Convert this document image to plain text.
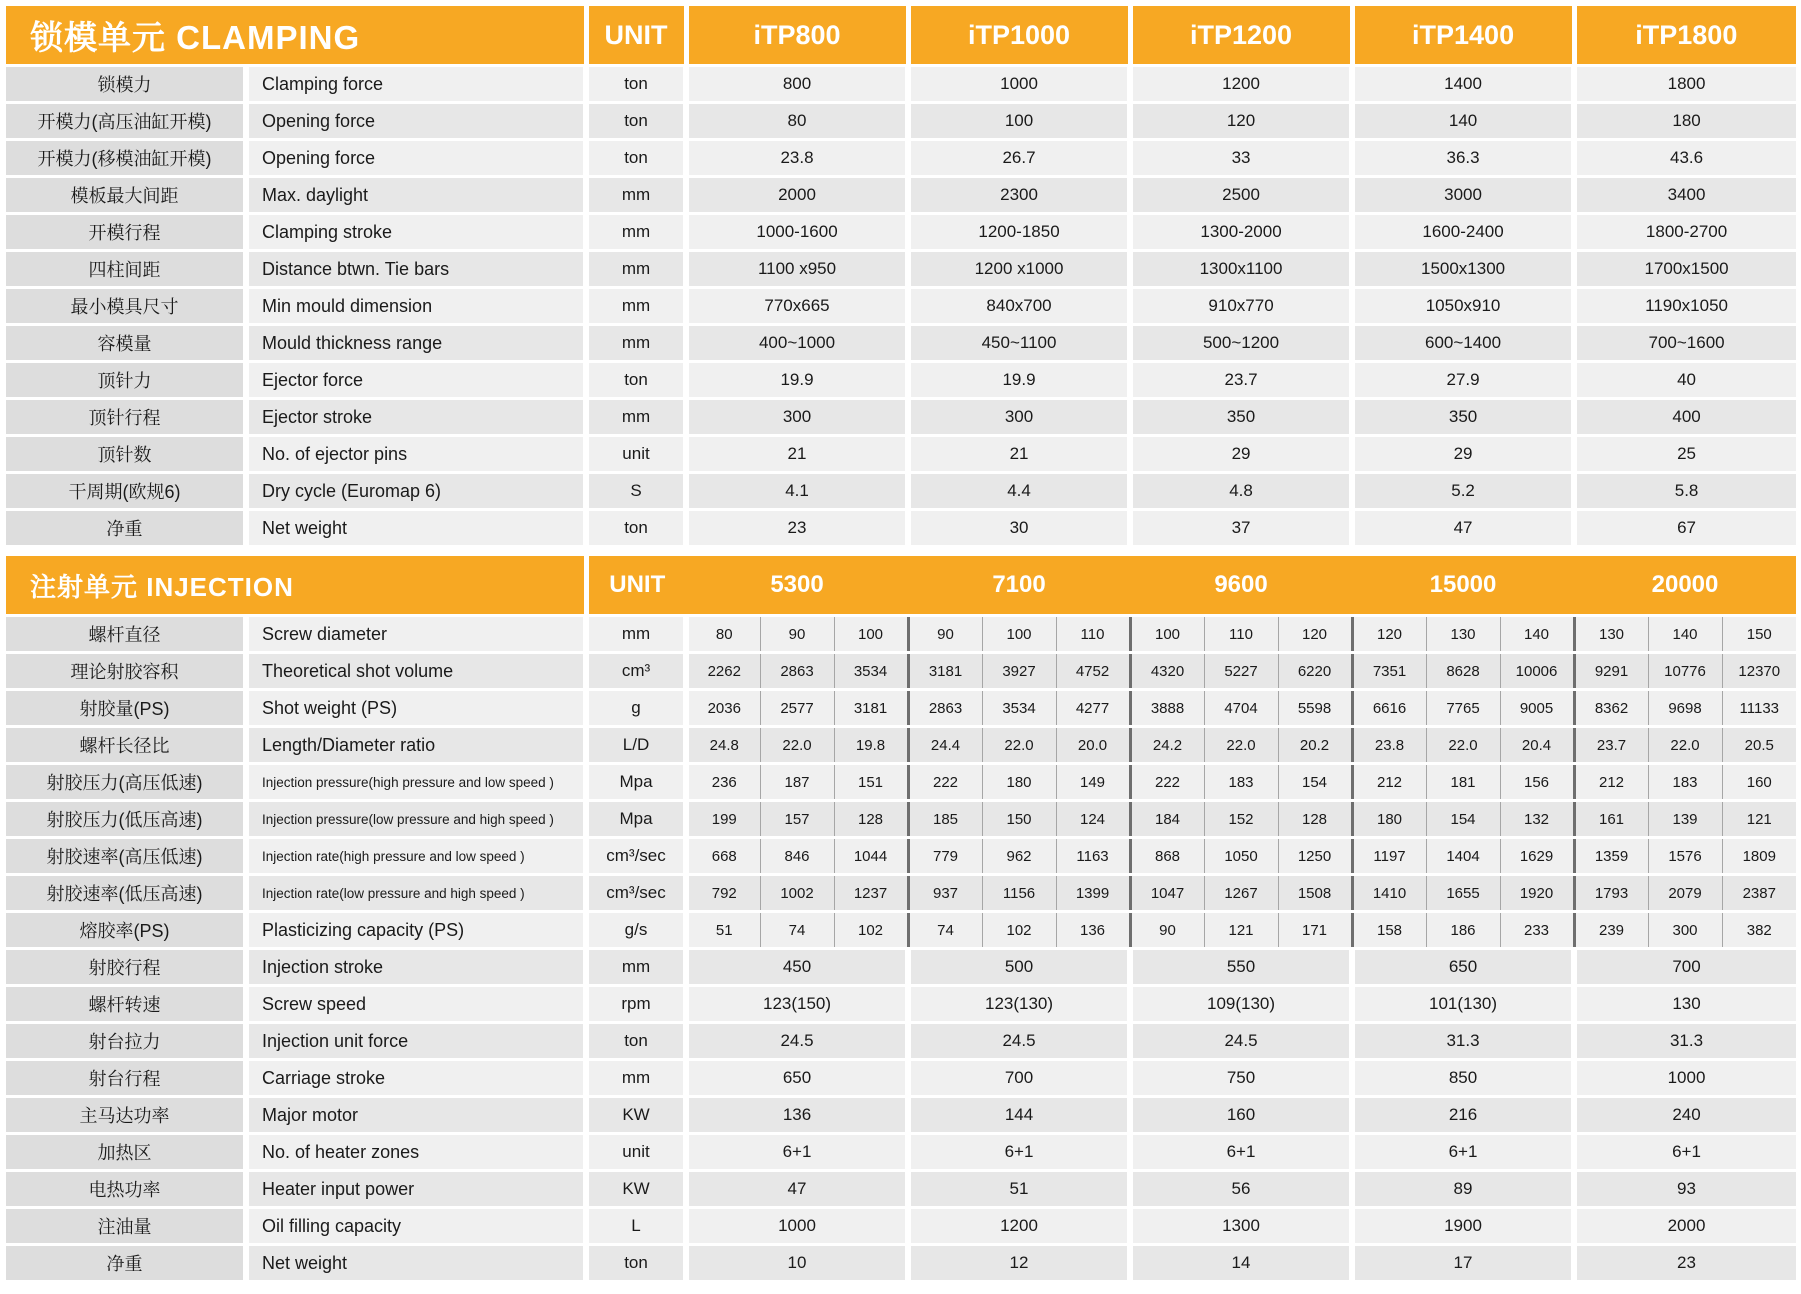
锁模单元 CLAMPING		UNIT	iTP800	iTP1000	iTP1200	iTP1400	iTP1800
锁模力	Clamping force	ton	800	1000	1200	1400	1800
开模力(高压油缸开模)	Opening force	ton	80	100	120	140	180
开模力(移模油缸开模)	Opening force	ton	23.8	26.7	33	36.3	43.6
模板最大间距	Max. daylight	mm	2000	2300	2500	3000	3400
开模行程	Clamping stroke	mm	1000-1600	1200-1850	1300-2000	1600-2400	1800-2700
四柱间距	Distance btwn. Tie bars	mm	1100 x950	1200 x1000	1300x1100	1500x1300	1700x1500
最小模具尺寸	Min mould dimension	mm	770x665	840x700	910x770	1050x910	1190x1050
容模量	Mould thickness range	mm	400~1000	450~1100	500~1200	600~1400	700~1600
顶针力	Ejector force	ton	19.9	19.9	23.7	27.9	40
顶针行程	Ejector stroke	mm	300	300	350	350	400
顶针数	No. of ejector pins	unit	21	21	29	29	25
干周期(欧规6)	Dry cycle (Euromap 6)	S	4.1	4.4	4.8	5.2	5.8
净重	Net weight	ton	23	30	37	47	67
注射单元 INJECTION		UNIT	5300			7100			9600			15000			20000		
螺杆直径	Screw diameter	mm	80	90	100	90	100	110	100	110	120	120	130	140	130	140	150
理论射胶容积	Theoretical shot volume	cm³	2262	2863	3534	3181	3927	4752	4320	5227	6220	7351	8628	10006	9291	10776	12370
射胶量(PS)	Shot weight (PS)	g	2036	2577	3181	2863	3534	4277	3888	4704	5598	6616	7765	9005	8362	9698	11133
螺杆长径比	Length/Diameter ratio	L/D	24.8	22.0	19.8	24.4	22.0	20.0	24.2	22.0	20.2	23.8	22.0	20.4	23.7	22.0	20.5
射胶压力(高压低速)	Injection pressure(high pressure and low speed )	Mpa	236	187	151	222	180	149	222	183	154	212	181	156	212	183	160
射胶压力(低压高速)	Injection pressure(low pressure and high speed )	Mpa	199	157	128	185	150	124	184	152	128	180	154	132	161	139	121
射胶速率(高压低速)	Injection rate(high pressure and low speed )	cm³/sec	668	846	1044	779	962	1163	868	1050	1250	1197	1404	1629	1359	1576	1809
射胶速率(低压高速)	Injection rate(low pressure and high speed )	cm³/sec	792	1002	1237	937	1156	1399	1047	1267	1508	1410	1655	1920	1793	2079	2387
熔胶率(PS)	Plasticizing capacity (PS)	g/s	51	74	102	74	102	136	90	121	171	158	186	233	239	300	382
射胶行程	Injection stroke	mm	450			500			550			650			700		
螺杆转速	Screw speed	rpm	123(150)			123(130)			109(130)			101(130)			130		
射台拉力	Injection unit force	ton	24.5			24.5			24.5			31.3			31.3		
射台行程	Carriage stroke	mm	650			700			750			850			1000		
主马达功率	Major motor	KW	136			144			160			216			240		
加热区	No. of heater zones	unit	6+1			6+1			6+1			6+1			6+1		
电热功率	Heater input power	KW	47			51			56			89			93		
注油量	Oil filling capacity	L	1000			1200			1300			1900			2000		
净重	Net weight	ton	10			12			14			17			23		
